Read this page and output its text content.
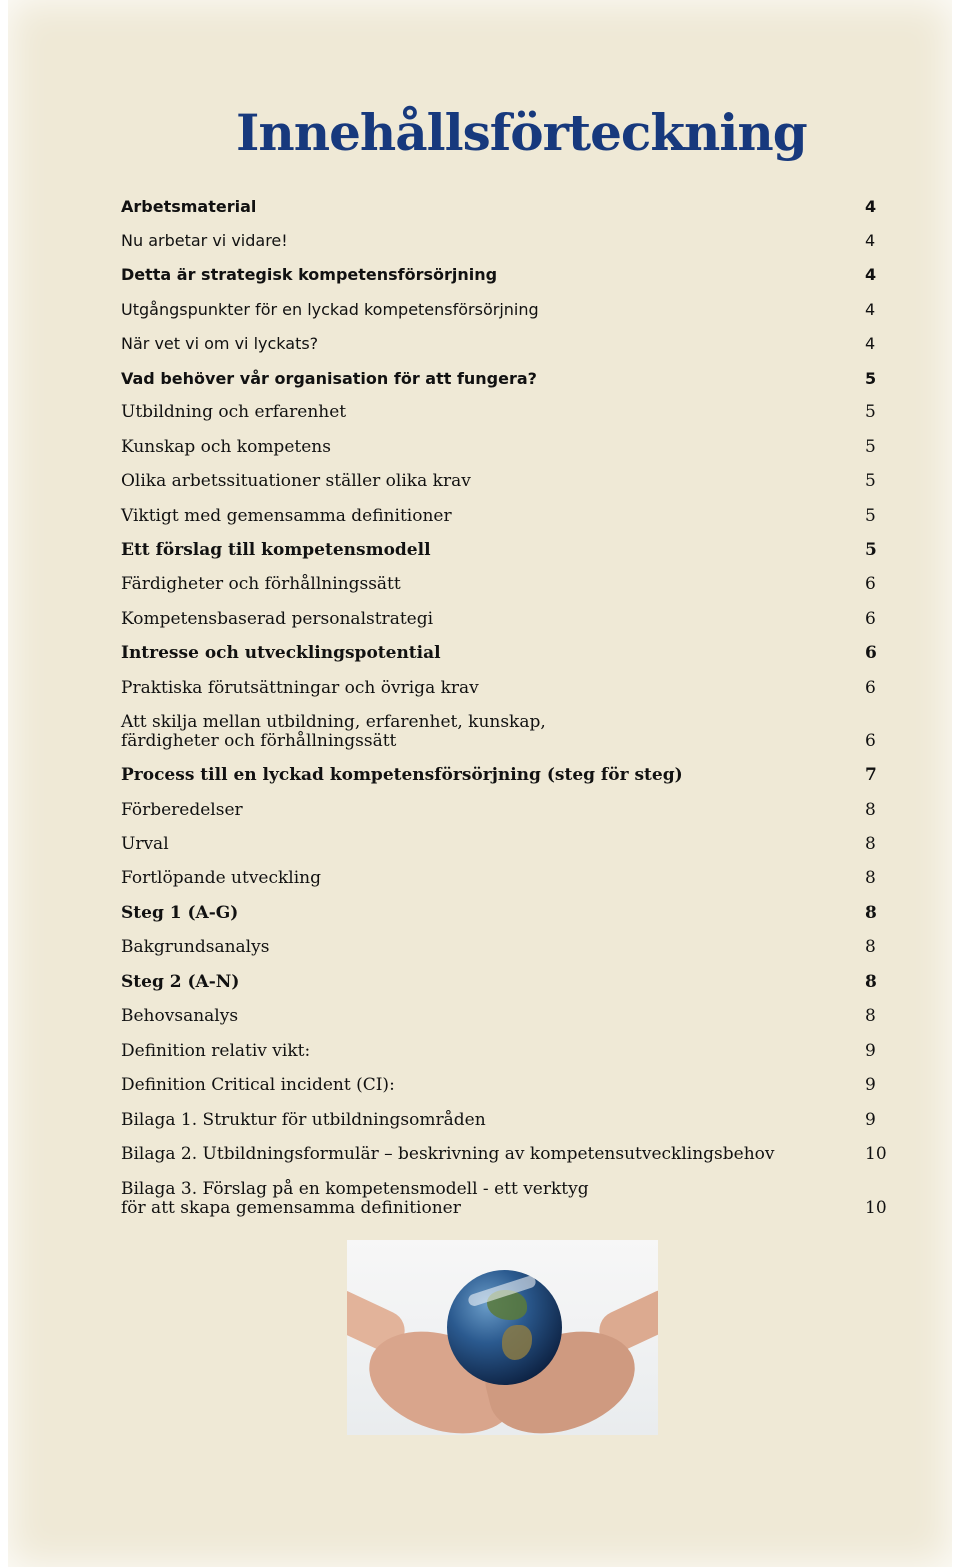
Innehållsförteckning
Arbetsmaterial	4
Nu arbetar vi vidare!	4
Detta är strategisk kompetensförsörjning	4
Utgångspunkter för en lyckad kompetensförsörjning	4
När vet vi om vi lyckats?	4
Vad behöver vår organisation för att fungera?	5
Utbildning och erfarenhet	5
Kunskap och kompetens	5
Olika arbetssituationer ställer olika krav	5
Viktigt med gemensamma definitioner	5
Ett förslag till kompetensmodell	5
Färdigheter och förhållningssätt	6
Kompetensbaserad personalstrategi	6
Intresse och utvecklingspotential	6
Praktiska förutsättningar och övriga krav	6
Att skilja mellan utbildning, erfarenhet, kunskap,
färdigheter och förhållningssätt	6
Process till en lyckad kompetensförsörjning (steg för steg)	7
Förberedelser	8
Urval	8
Fortlöpande utveckling	8
Steg 1 (A-G)	8
Bakgrundsanalys	8
Steg 2 (A-N)	8
Behovsanalys	8
Definition relativ vikt:	9
Definition Critical incident (CI):	9
Bilaga 1. Struktur för utbildningsområden	9
Bilaga 2. Utbildningsformulär – beskrivning av kompetensutvecklingsbehov	10
Bilaga 3. Förslag på en kompetensmodell - ett verktyg
för att skapa gemensamma definitioner	10
